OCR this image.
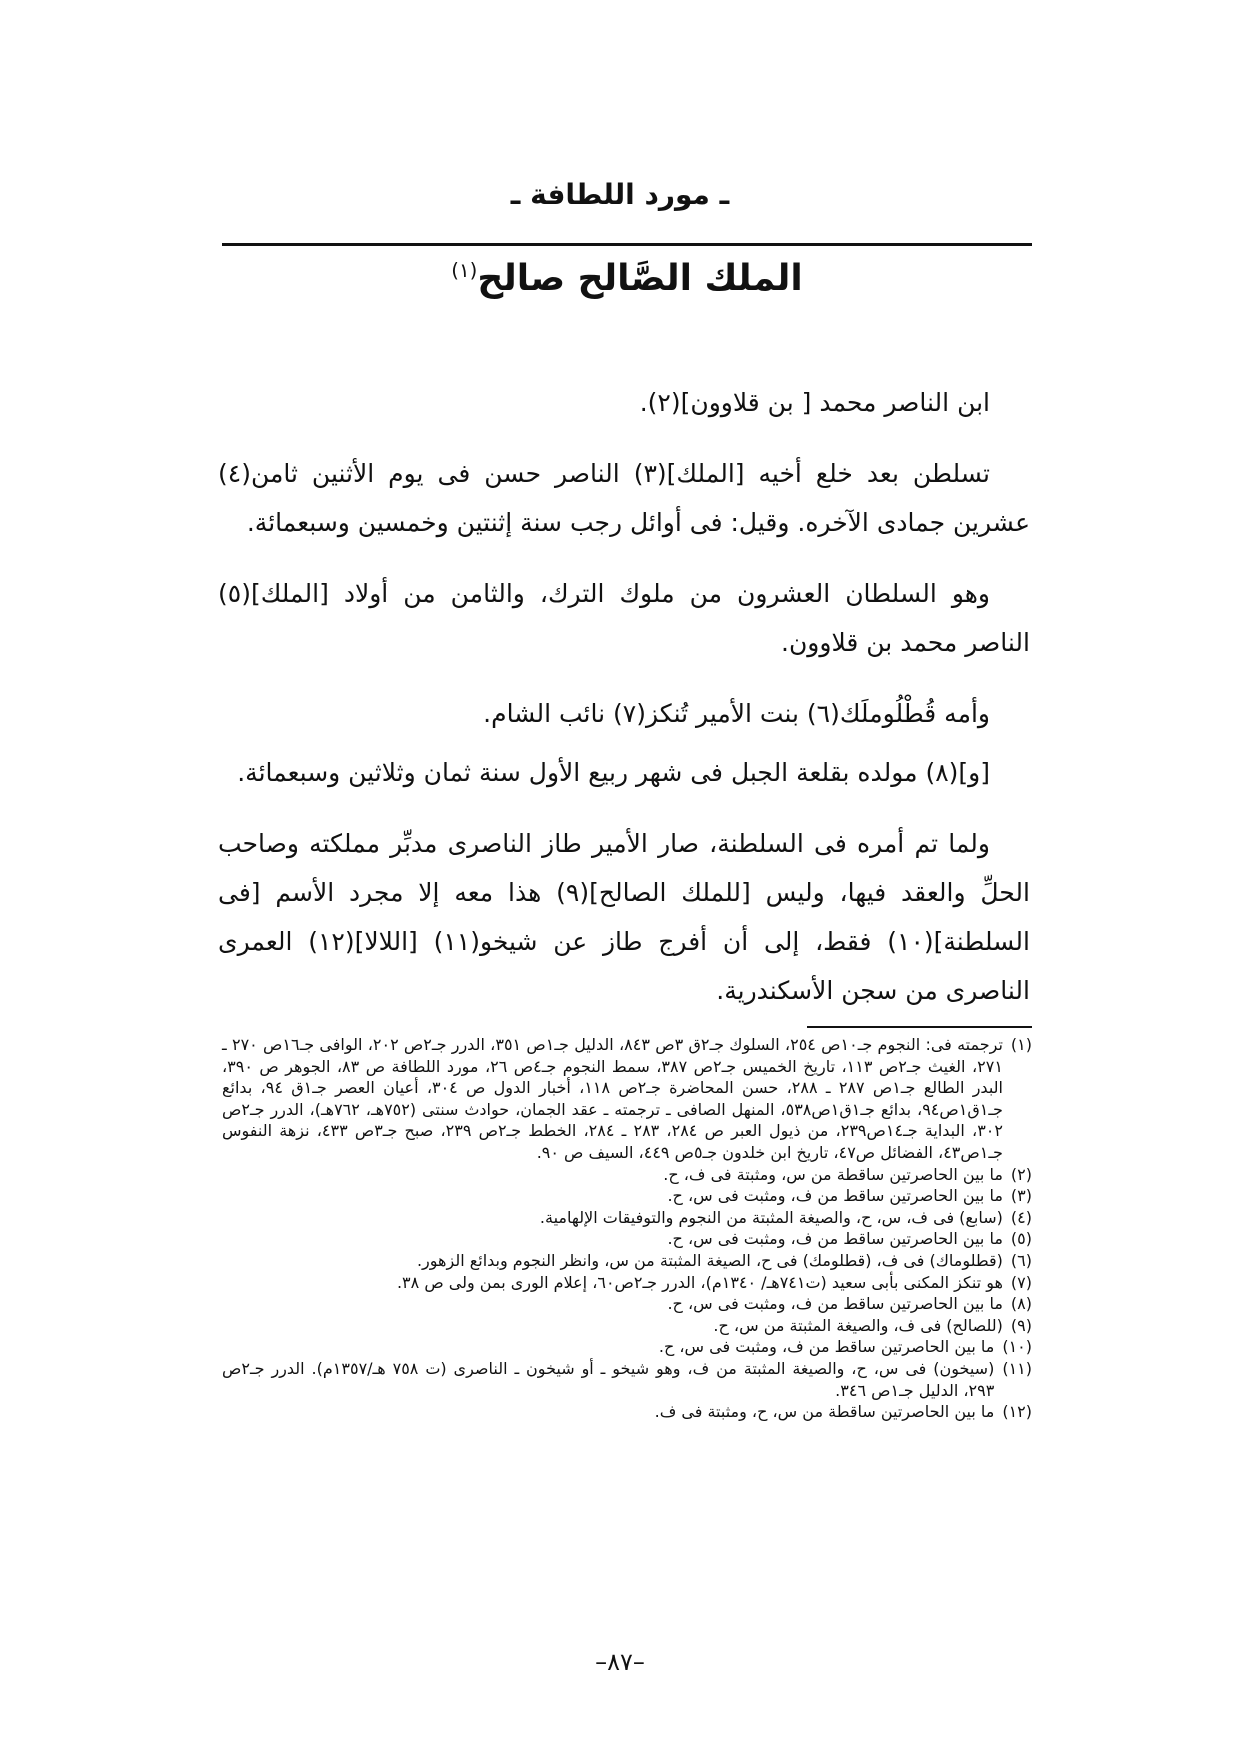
ـ مورد اللطافة ـ
الملك الصَّالح صالح$^{(١)}$

ابن الناصر محمد [ بن قلاوون](٢).

تسلطن بعد خلع أخيه [الملك](٣) الناصر حسن فى يوم الأثنين ثامن(٤) عشرين جمادى الآخره. وقيل: فى أوائل رجب سنة إثنتين وخمسين وسبعمائة.

وهو السلطان العشرون من ملوك الترك، والثامن من أولاد [الملك](٥) الناصر محمد بن قلاوون.

وأمه قُطْلُوملَك(٦) بنت الأمير تُنكز(٧) نائب الشام.

[و](٨) مولده بقلعة الجبل فى شهر ربيع الأول سنة ثمان وثلاثين وسبعمائة.

ولما تم أمره فى السلطنة، صار الأمير طاز الناصرى مدبِّر مملكته وصاحب الحلِّ والعقد فيها، وليس [للملك الصالح](٩) هذا معه إلا مجرد الأسم [فى السلطنة](١٠) فقط، إلى أن أفرج طاز عن شيخو(١١) [اللالا](١٢) العمرى الناصرى من سجن الأسكندرية.

(١)
ترجمته فى: النجوم جـ١٠ص ٢٥٤، السلوك جـ٢ق ٣ص ٨٤٣، الدليل جـ١ص ٣٥١، الدرر جـ٢ص ٢٠٢، الوافى جـ١٦ص ٢٧٠ ـ ٢٧١، الغيث جـ٢ص ١١٣، تاريخ الخميس جـ٢ص ٣٨٧، سمط النجوم جـ٤ص ٢٦، مورد اللطافة ص ٨٣، الجوهر ص ٣٩٠، البدر الطالع جـ١ص ٢٨٧ ـ ٢٨٨، حسن المحاضرة جـ٢ص ١١٨، أخبار الدول ص ٣٠٤، أعيان العصر جـ١ق ٩٤، بدائع جـ١ق١ص٩٤، بدائع جـ١ق١ص٥٣٨، المنهل الصافى ـ ترجمته ـ عقد الجمان، حوادث سنتى (٧٥٢هـ، ٧٦٢هـ)، الدرر جـ٢ص ٣٠٢، البداية جـ١٤ص٢٣٩، من ذيول العبر ص ٢٨٤، ٢٨٣ ـ ٢٨٤، الخطط جـ٢ص ٢٣٩، صبح جـ٣ص ٤٣٣، نزهة النفوس جـ١ص٤٣، الفضائل ص٤٧، تاريخ ابن خلدون جـ٥ص ٤٤٩، السيف ص ٩٠.
(٢)
ما بين الحاصرتين ساقطة من س، ومثبتة فى ف، ح.
(٣)
ما بين الحاصرتين ساقط من ف، ومثبت فى س، ح.
(٤)
(سابع) فى ف، س، ح، والصيغة المثبتة من النجوم والتوفيقات الإلهامية.
(٥)
ما بين الحاصرتين ساقط من ف، ومثبت فى س، ح.
(٦)
(قطلوماك) فى ف، (قطلومك) فى ح، الصيغة المثبتة من س، وانظر النجوم وبدائع الزهور.
(٧)
هو تنكز المكنى بأبى سعيد (ت٧٤١هـ/ ١٣٤٠م)، الدرر جـ٢ص٦٠، إعلام الورى بمن ولى ص ٣٨.
(٨)
ما بين الحاصرتين ساقط من ف، ومثبت فى س، ح.
(٩)
(للصالح) فى ف، والصيغة المثبتة من س، ح.
(١٠)
ما بين الحاصرتين ساقط من ف، ومثبت فى س، ح.
(١١)
(سيخون) فى س، ح، والصيغة المثبتة من ف، وهو شيخو ـ أو شيخون ـ الناصرى (ت ٧٥٨ هـ/١٣٥٧م). الدرر جـ٢ص ٢٩٣، الدليل جـ١ص ٣٤٦.
(١٢)
ما بين الحاصرتين ساقطة من س، ح، ومثبتة فى ف.
–٨٧–
